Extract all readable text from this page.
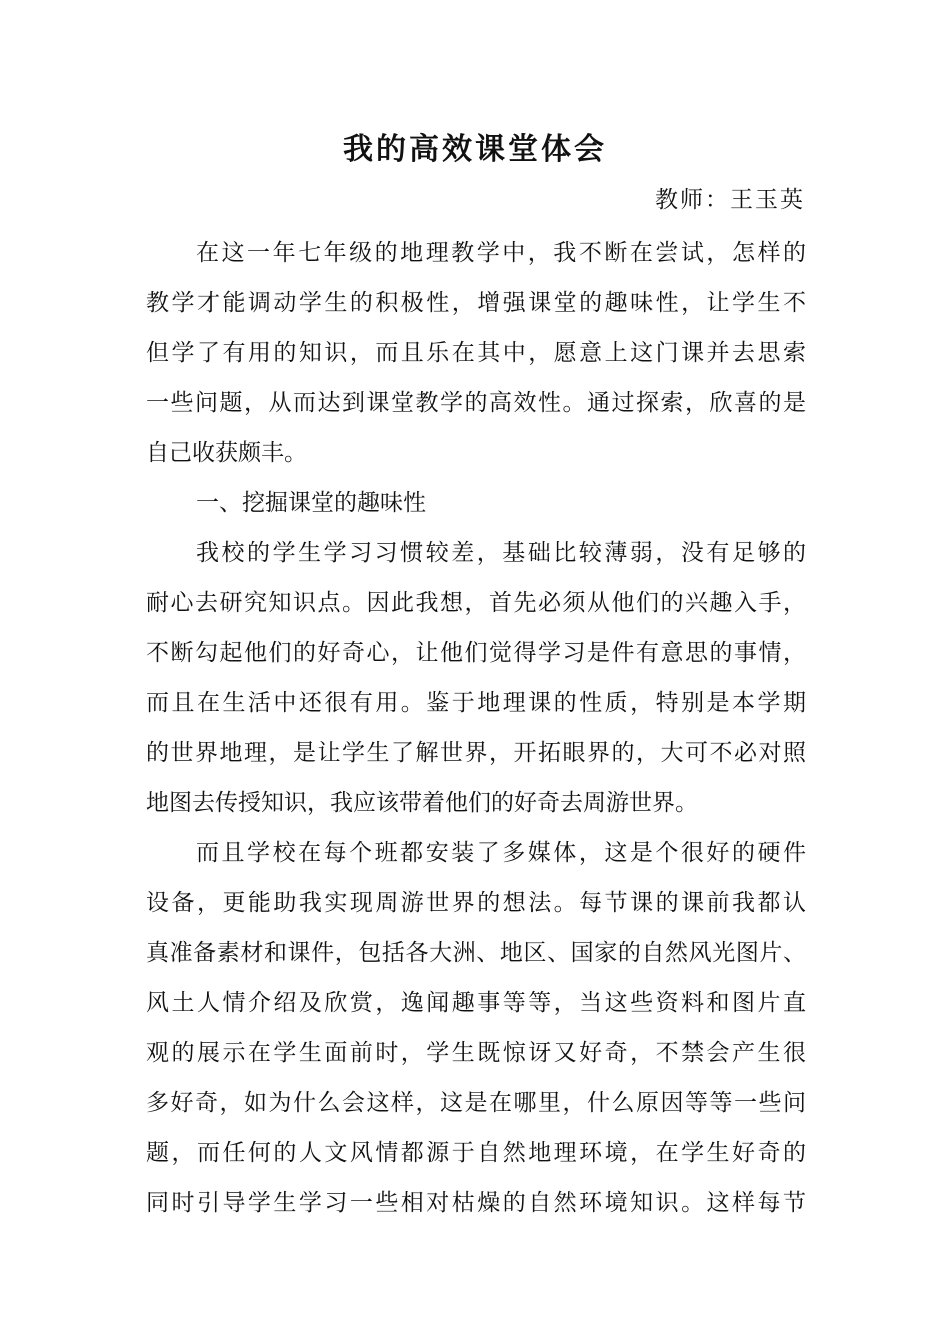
我的高效课堂体会
教师：王玉英
在这一年七年级的地理教学中，我不断在尝试，怎样的
教学才能调动学生的积极性，增强课堂的趣味性，让学生不
但学了有用的知识，而且乐在其中，愿意上这门课并去思索
一些问题，从而达到课堂教学的高效性。通过探索，欣喜的是
自己收获颇丰。
一、挖掘课堂的趣味性
我校的学生学习习惯较差，基础比较薄弱，没有足够的
耐心去研究知识点。因此我想，首先必须从他们的兴趣入手，
不断勾起他们的好奇心，让他们觉得学习是件有意思的事情，
而且在生活中还很有用。鉴于地理课的性质，特别是本学期
的世界地理，是让学生了解世界，开拓眼界的，大可不必对照
地图去传授知识，我应该带着他们的好奇去周游世界。
而且学校在每个班都安装了多媒体，这是个很好的硬件
设备，更能助我实现周游世界的想法。每节课的课前我都认
真准备素材和课件，包括各大洲、地区、国家的自然风光图片、
风土人情介绍及欣赏，逸闻趣事等等，当这些资料和图片直
观的展示在学生面前时，学生既惊讶又好奇，不禁会产生很
多好奇，如为什么会这样，这是在哪里，什么原因等等一些问
题，而任何的人文风情都源于自然地理环境，在学生好奇的
同时引导学生学习一些相对枯燥的自然环境知识。这样每节
